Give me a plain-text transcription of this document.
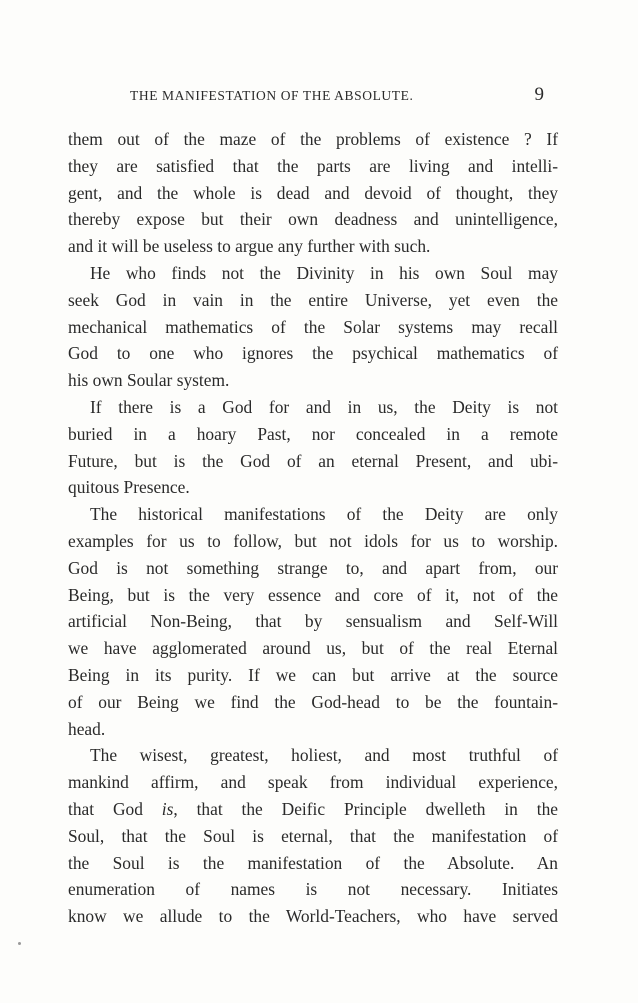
THE MANIFESTATION OF THE ABSOLUTE.	9
them out of the maze of the problems of existence ? If
they are satisfied that the parts are living and intelli-
gent, and the whole is dead and devoid of thought, they
thereby expose but their own deadness and unintelligence,
and it will be useless to argue any further with such.
He who finds not the Divinity in his own Soul may
seek God in vain in the entire Universe, yet even the
mechanical mathematics of the Solar systems may recall
God to one who ignores the psychical mathematics of
his own Soular system.
If there is a God for and in us, the Deity is not
buried in a hoary Past, nor concealed in a remote
Future, but is the God of an eternal Present, and ubi-
quitous Presence.
The historical manifestations of the Deity are only
examples for us to follow, but not idols for us to worship.
God is not something strange to, and apart from, our
Being, but is the very essence and core of it, not of the
artificial Non-Being, that by sensualism and Self-Will
we have agglomerated around us, but of the real Eternal
Being in its purity. If we can but arrive at the source
of our Being we find the God-head to be the fountain-
head.
The wisest, greatest, holiest, and most truthful of
mankind affirm, and speak from individual experience,
that God is, that the Deific Principle dwelleth in the
Soul, that the Soul is eternal, that the manifestation of
the Soul is the manifestation of the Absolute. An
enumeration of names is not necessary. Initiates
know we allude to the World-Teachers, who have served
